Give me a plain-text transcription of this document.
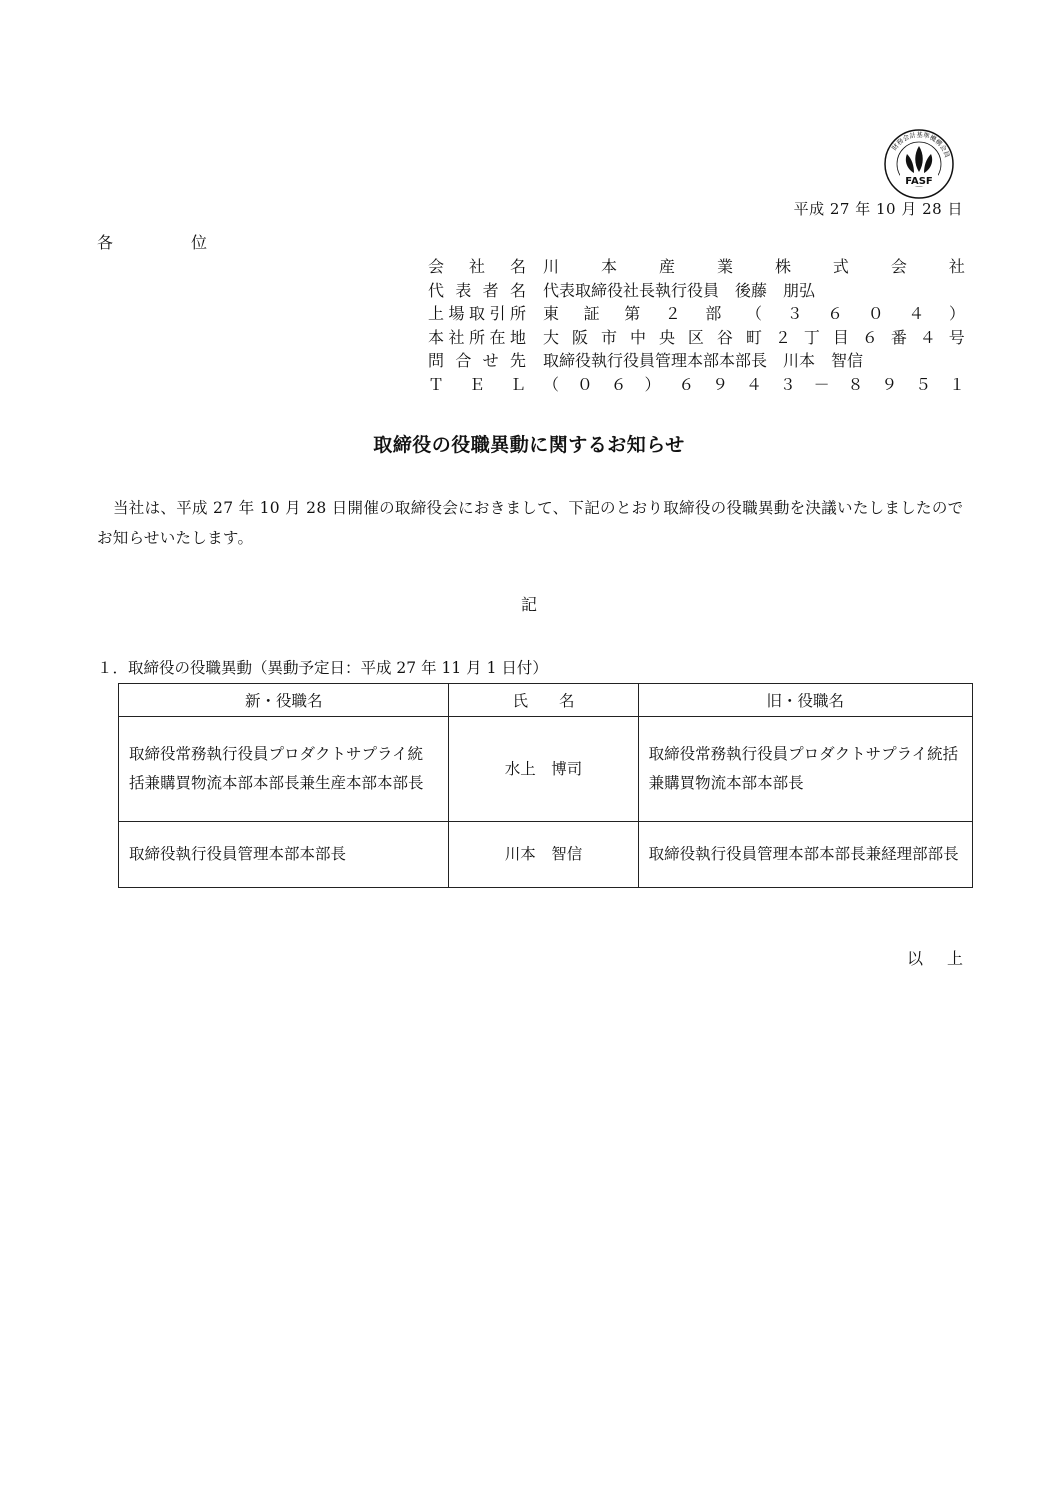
財務会計基準機構会員
FASF
平成 27 年 10 月 28 日
各	位
会 社 名 川	本	産	業	株	式	会	社
代 表 者 名 代表取締役社長執行役員　後藤　朋弘
上 場 取 引 所 東 証 第 ２ 部 （ ３ ６ ０ ４ ）
本 社 所 在 地 大 阪 市 中 央 区 谷 町 ２ 丁 目 ６ 番 ４ 号
問 合 せ 先 取締役執行役員管理本部本部長　川本　智信
Ｔ Ｅ Ｌ （ ０ ６ ） ６ ９ ４ ３ － ８ ９ ５ １
取締役の役職異動に関するお知らせ
当社は、平成 27 年 10 月 28 日開催の取締役会におきまして、下記のとおり取締役の役職異動を決議いたしましたのでお知らせいたします。
記
１．取締役の役職異動（異動予定日：平成 27 年 11 月 1 日付）
新・役職名	氏　　名	旧・役職名
取締役常務執行役員プロダクトサプライ統括兼購買物流本部本部長兼生産本部本部長	水上　博司	取締役常務執行役員プロダクトサプライ統括兼購買物流本部本部長
取締役執行役員管理本部本部長	川本　智信	取締役執行役員管理本部本部長兼経理部部長
以 上
